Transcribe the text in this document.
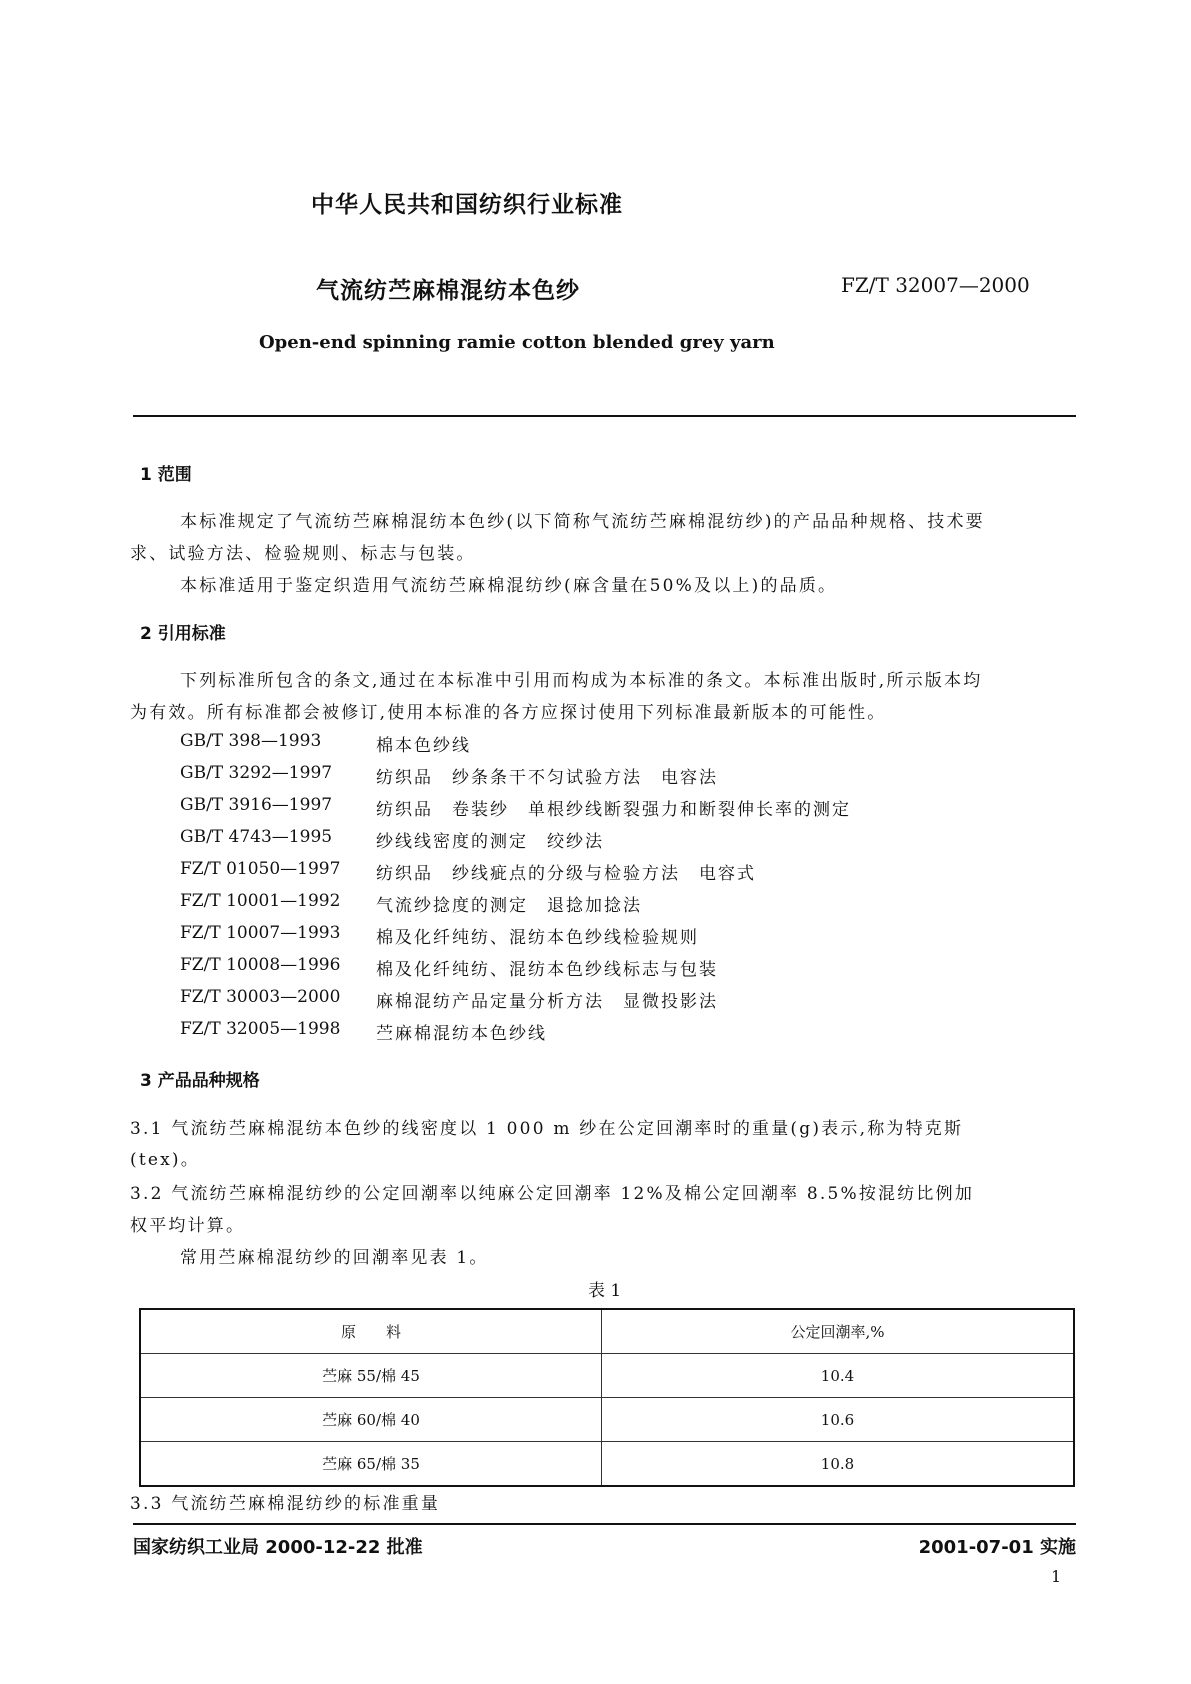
中华人民共和国纺织行业标准
气流纺苎麻棉混纺本色纱	FZ/T 32007—2000
Open-end spinning ramie cotton blended grey yarn
1 范围
本标准规定了气流纺苎麻棉混纺本色纱(以下简称气流纺苎麻棉混纺纱)的产品品种规格、技术要
求、试验方法、检验规则、标志与包装。
本标准适用于鉴定织造用气流纺苎麻棉混纺纱(麻含量在50%及以上)的品质。
2 引用标准
下列标准所包含的条文,通过在本标准中引用而构成为本标准的条文。本标准出版时,所示版本均
为有效。所有标准都会被修订,使用本标准的各方应探讨使用下列标准最新版本的可能性。
GB/T 398—1993	棉本色纱线
GB/T 3292—1997	纺织品　纱条条干不匀试验方法　电容法
GB/T 3916—1997	纺织品　卷装纱　单根纱线断裂强力和断裂伸长率的测定
GB/T 4743—1995	纱线线密度的测定　绞纱法
FZ/T 01050—1997 纺织品　纱线疵点的分级与检验方法　电容式
FZ/T 10001—1992 气流纱捻度的测定　退捻加捻法
FZ/T 10007—1993 棉及化纤纯纺、混纺本色纱线检验规则
FZ/T 10008—1996 棉及化纤纯纺、混纺本色纱线标志与包装
FZ/T 30003—2000 麻棉混纺产品定量分析方法　显微投影法
FZ/T 32005—1998 苎麻棉混纺本色纱线
3 产品品种规格
3.1 气流纺苎麻棉混纺本色纱的线密度以 1 000 m 纱在公定回潮率时的重量(g)表示,称为特克斯
(tex)。
3.2 气流纺苎麻棉混纺纱的公定回潮率以纯麻公定回潮率 12%及棉公定回潮率 8.5%按混纺比例加
权平均计算。
常用苎麻棉混纺纱的回潮率见表 1。
表 1
原　　料	公定回潮率,%
苎麻 55/棉 45	10.4
苎麻 60/棉 40	10.6
苎麻 65/棉 35	10.8
3.3 气流纺苎麻棉混纺纱的标准重量
国家纺织工业局 2000-12-22 批准	2001-07-01 实施
1
